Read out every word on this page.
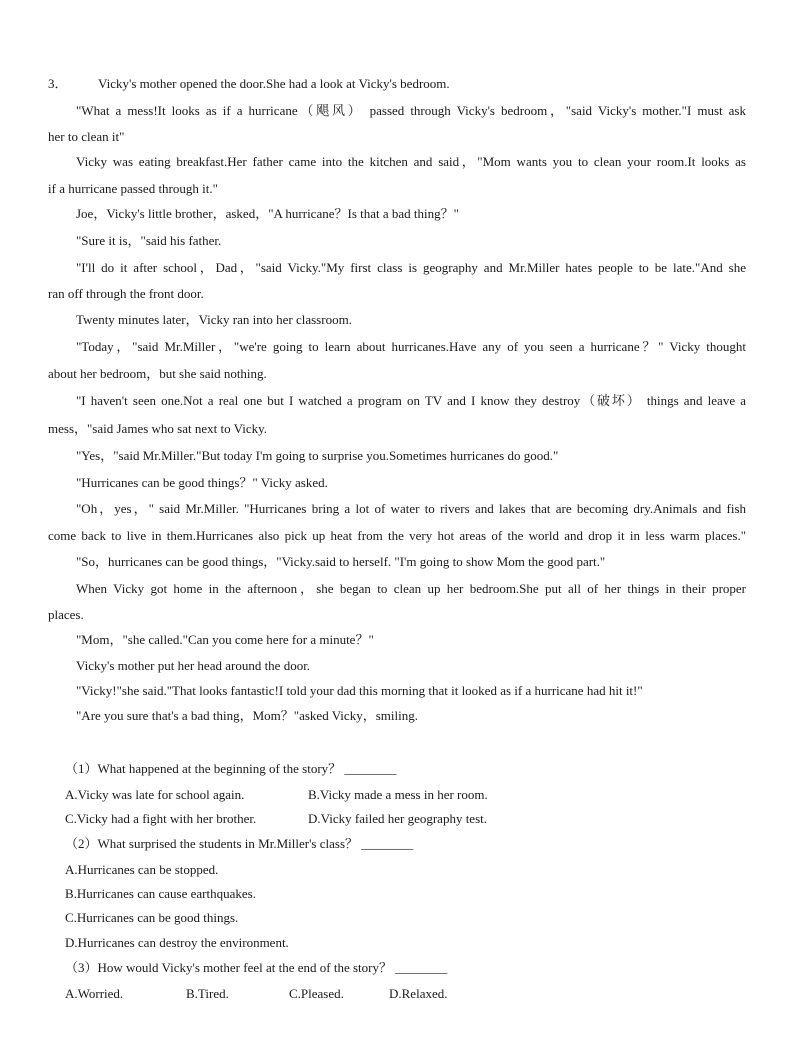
3． Vicky's mother opened the door.She had a look at Vicky's bedroom.
"What a mess!It looks as if a hurricane（飓风） passed through Vicky's bedroom，"said Vicky's mother."I must ask
her to clean it"
Vicky was eating breakfast.Her father came into the kitchen and said，"Mom wants you to clean your room.It looks as
if a hurricane passed through it."
Joe，Vicky's little brother，asked，"A hurricane？Is that a bad thing？"
"Sure it is，"said his father.
"I'll do it after school，Dad，"said Vicky."My first class is geography and Mr.Miller hates people to be late."And she
ran off through the front door.
Twenty minutes later，Vicky ran into her classroom.
"Today，"said Mr.Miller，"we're going to learn about hurricanes.Have any of you seen a hurricane？" Vicky thought
about her bedroom，but she said nothing.
"I haven't seen one.Not a real one but I watched a program on TV and I know they destroy（破坏） things and leave a
mess，"said James who sat next to Vicky.
"Yes，"said Mr.Miller."But today I'm going to surprise you.Sometimes hurricanes do good."
"Hurricanes can be good things？" Vicky asked.
"Oh，yes，" said Mr.Miller. "Hurricanes bring a lot of water to rivers and lakes that are becoming dry.Animals and fish
come back to live in them.Hurricanes also pick up heat from the very hot areas of the world and drop it in less warm places."
"So，hurricanes can be good things，"Vicky.said to herself. "I'm going to show Mom the good part."
When Vicky got home in the afternoon，she began to clean up her bedroom.She put all of her things in their proper
places.
"Mom，"she called."Can you come here for a minute？"
Vicky's mother put her head around the door.
"Vicky!"she said."That looks fantastic!I told your dad this morning that it looked as if a hurricane had hit it!"
"Are you sure that's a bad thing，Mom？"asked Vicky，smiling.
（1）What happened at the beginning of the story？ ________
A.Vicky was late for school again.	B.Vicky made a mess in her room.
C.Vicky had a fight with her brother.	D.Vicky failed her geography test.
（2）What surprised the students in Mr.Miller's class？ ________
A.Hurricanes can be stopped.
B.Hurricanes can cause earthquakes.
C.Hurricanes can be good things.
D.Hurricanes can destroy the environment.
（3）How would Vicky's mother feel at the end of the story？ ________
A.Worried.	B.Tired.	C.Pleased.	D.Relaxed.
